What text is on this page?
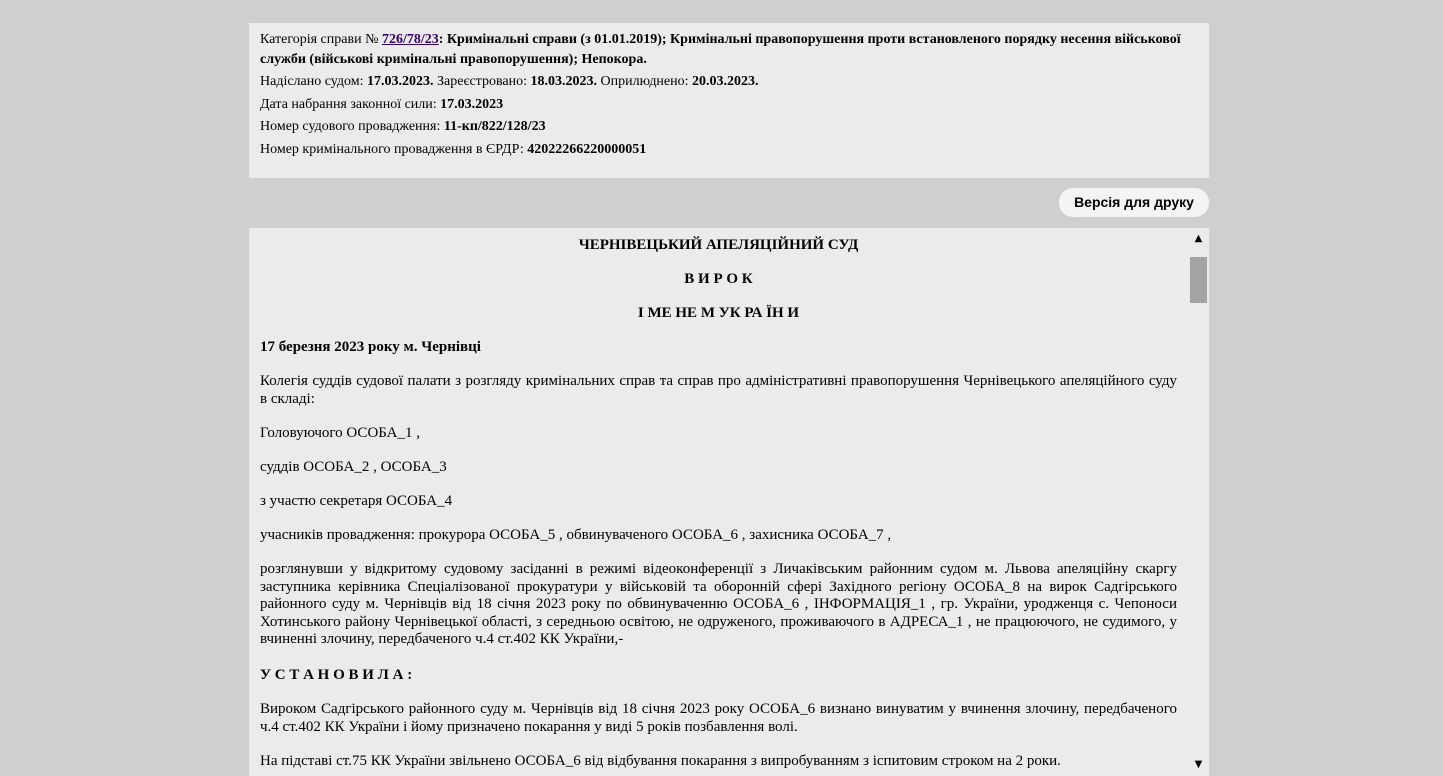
Категорія справи № 726/78/23: Кримінальні справи (з 01.01.2019); Кримінальні правопорушення проти встановленого порядку несення військової служби (військові кримінальні правопорушення); Непокора.
Надіслано судом: 17.03.2023. Зареєстровано: 18.03.2023. Оприлюднено: 20.03.2023.
Дата набрання законної сили: 17.03.2023
Номер судового провадження: 11-кп/822/128/23
Номер кримінального провадження в ЄРДР: 42022266220000051
Версія для друку

ЧЕРНІВЕЦЬКИЙ АПЕЛЯЦІЙНИЙ СУД

В И Р О К

І МЕ НЕ М УК РА ЇН И

17 березня 2023 року м. Чернівці

Колегія суддів судової палати з розгляду кримінальних справ та справ про адміністративні правопорушення Чернівецького апеляційного суду в складі:

Головуючого ОСОБА_1 ,

суддів ОСОБА_2 , ОСОБА_3

з участю секретаря ОСОБА_4

учасників провадження: прокурора ОСОБА_5 , обвинуваченого ОСОБА_6 , захисника ОСОБА_7 ,

розглянувши у відкритому судовому засіданні в режимі відеоконференції з Личаківським районним судом м. Львова апеляційну скаргу заступника керівника Спеціалізованої прокуратури у військовій та оборонній сфері Західного регіону ОСОБА_8 на вирок Садгірського районного суду м. Чернівців від 18 січня 2023 року по обвинуваченню ОСОБА_6 , ІНФОРМАЦІЯ_1 , гр. України, уродженця с. Чепоноси Хотинського району Чернівецької області, з середньою освітою, не одруженого, проживаючого в АДРЕСА_1 , не працюючого, не судимого, у вчиненні злочину, передбаченого ч.4 ст.402 КК України,-

У С Т А Н О В И Л А :

Вироком Садгірського районного суду м. Чернівців від 18 січня 2023 року ОСОБА_6 визнано винуватим у вчинення злочину, передбаченого ч.4 ст.402 КК України і йому призначено покарання у виді 5 років позбавлення волі.

На підставі ст.75 КК України звільнено ОСОБА_6 від відбування покарання з випробуванням з іспитовим строком на 2 роки.

▲
▼
